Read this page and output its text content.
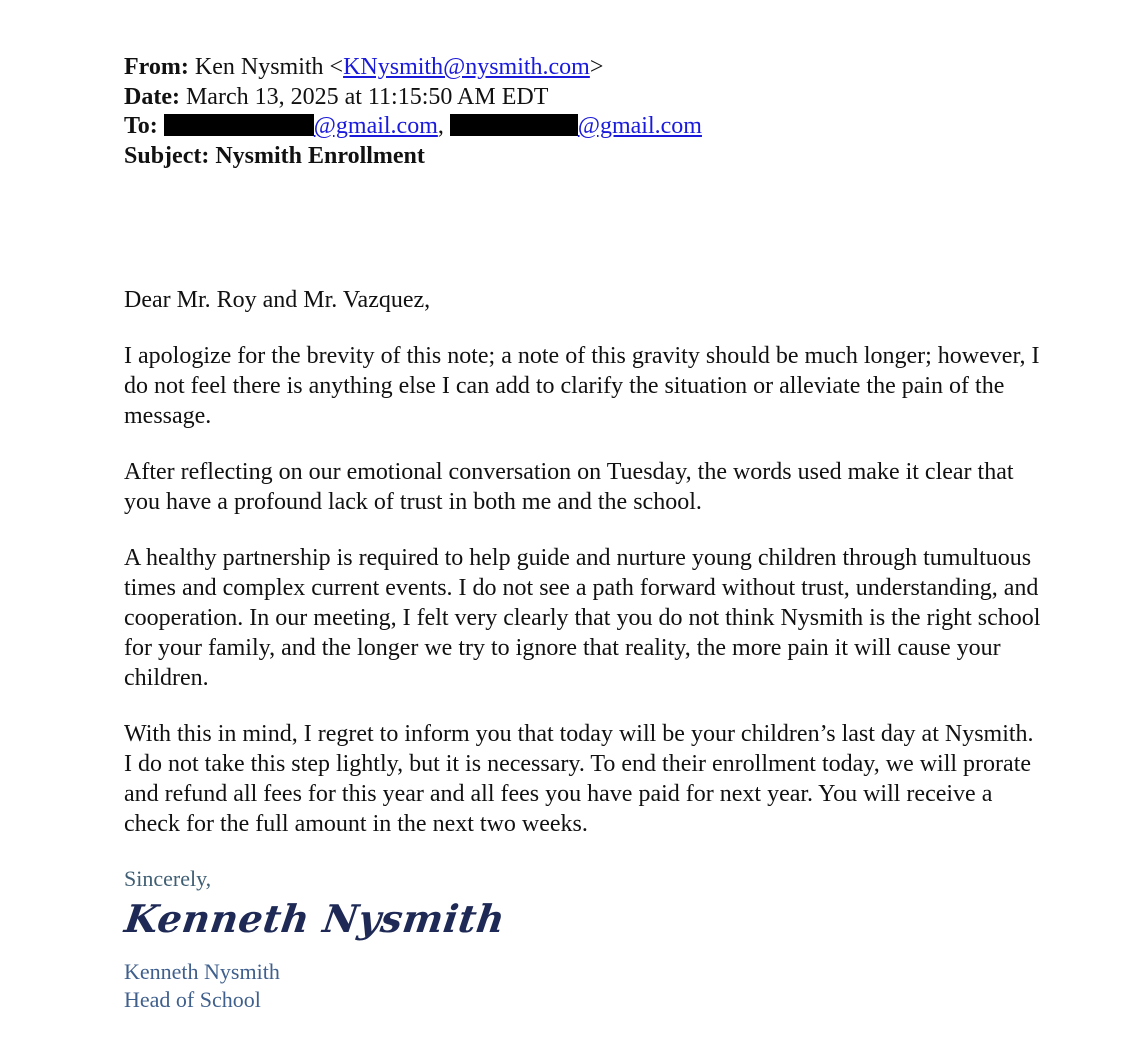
From: Ken Nysmith <KNysmith@nysmith.com>
Date: March 13, 2025 at 11:15:50 AM EDT
To:	@gmail.com,	@gmail.com
Subject: Nysmith Enrollment

Dear Mr. Roy and Mr. Vazquez,

I apologize for the brevity of this note; a note of this gravity should be much longer; however, I do not feel there is anything else I can add to clarify the situation or alleviate the pain of the message.

After reflecting on our emotional conversation on Tuesday, the words used make it clear that you have a profound lack of trust in both me and the school.

A healthy partnership is required to help guide and nurture young children through tumultuous times and complex current events. I do not see a path forward without trust, understanding, and cooperation. In our meeting, I felt very clearly that you do not think Nysmith is the right school for your family, and the longer we try to ignore that reality, the more pain it will cause your children.

With this in mind, I regret to inform you that today will be your children’s last day at Nysmith. I do not take this step lightly, but it is necessary. To end their enrollment today, we will prorate and refund all fees for this year and all fees you have paid for next year. You will receive a check for the full amount in the next two weeks.

Sincerely,
Kenneth Nysmith
Kenneth Nysmith
Head of School
